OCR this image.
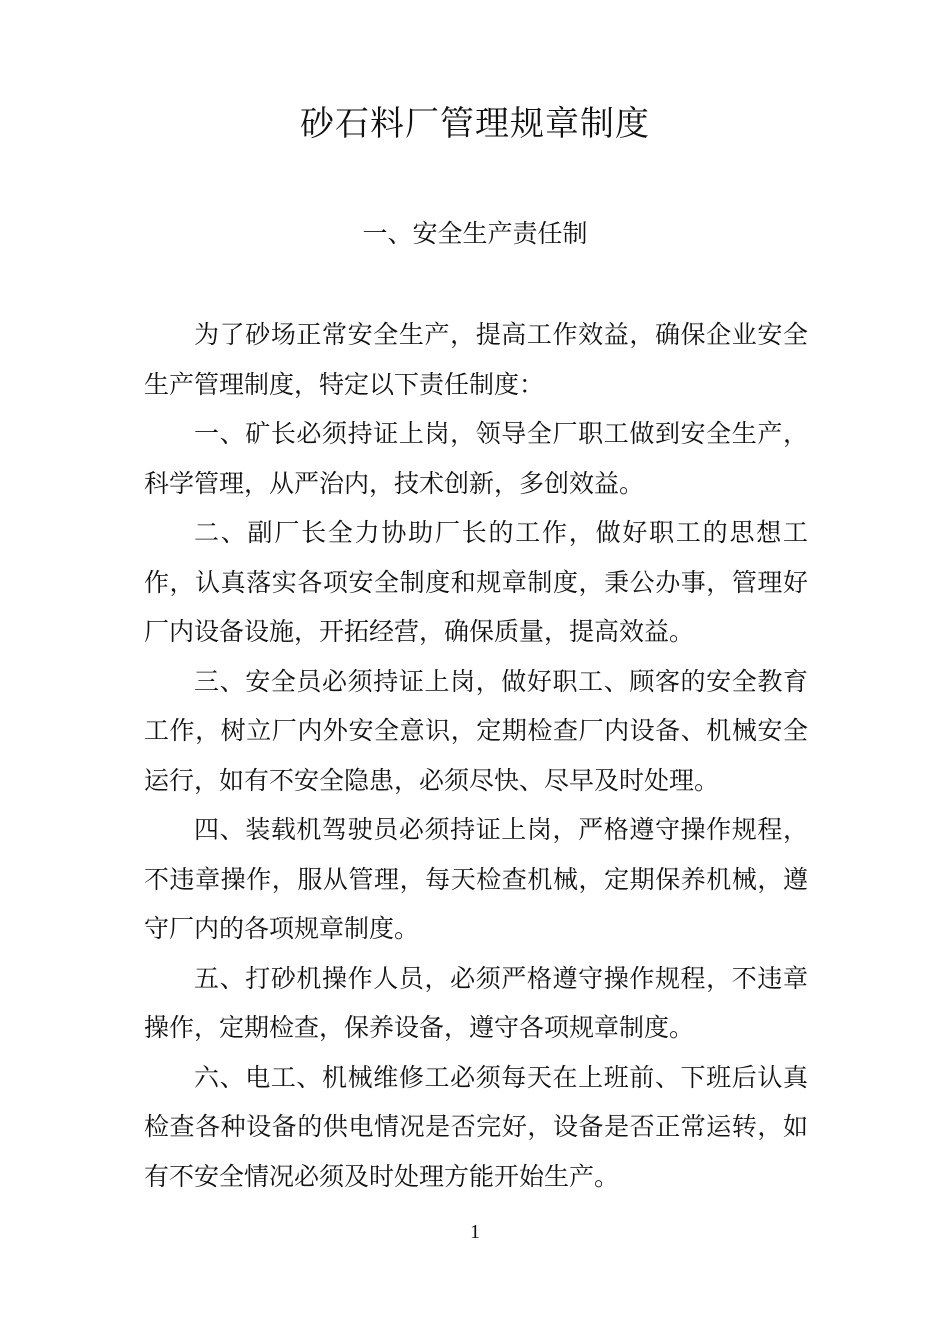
砂石料厂管理规章制度
一、安全生产责任制

为了砂场正常安全生产，提高工作效益，确保企业安全生产管理制度，特定以下责任制度：

一、矿长必须持证上岗，领导全厂职工做到安全生产，科学管理，从严治内，技术创新，多创效益。

二、副厂长全力协助厂长的工作，做好职工的思想工作，认真落实各项安全制度和规章制度，秉公办事，管理好厂内设备设施，开拓经营，确保质量，提高效益。

三、安全员必须持证上岗，做好职工、顾客的安全教育工作，树立厂内外安全意识，定期检查厂内设备、机械安全运行，如有不安全隐患，必须尽快、尽早及时处理。

四、装载机驾驶员必须持证上岗，严格遵守操作规程，不违章操作，服从管理，每天检查机械，定期保养机械，遵守厂内的各项规章制度。

五、打砂机操作人员，必须严格遵守操作规程，不违章操作，定期检查，保养设备，遵守各项规章制度。

六、电工、机械维修工必须每天在上班前、下班后认真检查各种设备的供电情况是否完好，设备是否正常运转，如有不安全情况必须及时处理方能开始生产。

1
